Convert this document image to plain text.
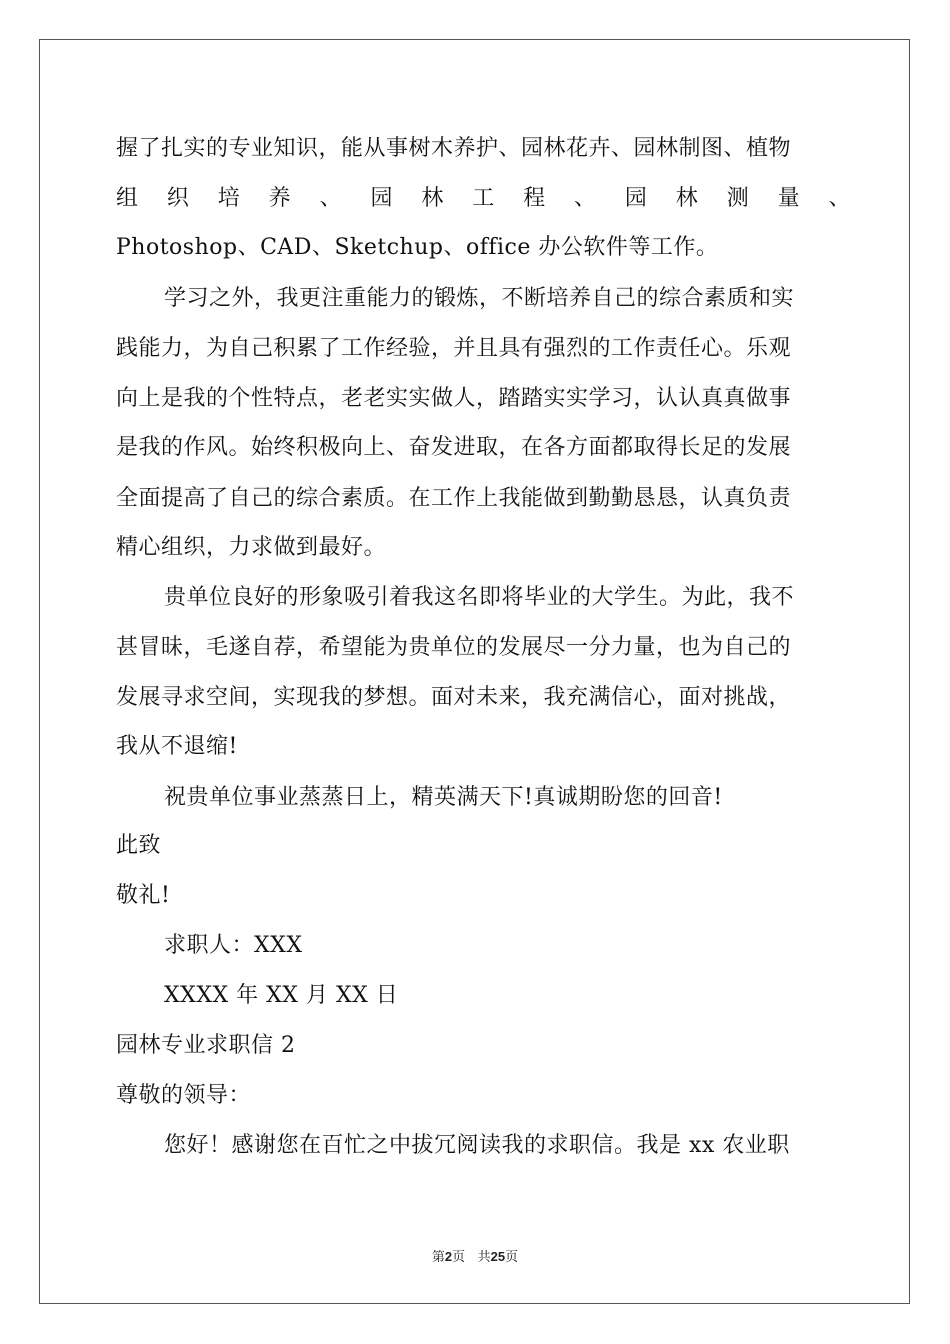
握了扎实的专业知识，能从事树木养护、园林花卉、园林制图、植物
组 织 培 养 、 园 林 工 程 、 园 林 测 量 、
Photoshop、CAD、Sketchup、office 办公软件等工作。
学习之外，我更注重能力的锻炼，不断培养自己的综合素质和实
践能力，为自己积累了工作经验，并且具有强烈的工作责任心。乐观
向上是我的个性特点，老老实实做人，踏踏实实学习，认认真真做事
是我的作风。始终积极向上、奋发进取，在各方面都取得长足的发展
全面提高了自己的综合素质。在工作上我能做到勤勤恳恳，认真负责
精心组织，力求做到最好。
贵单位良好的形象吸引着我这名即将毕业的大学生。为此，我不
甚冒昧，毛遂自荐，希望能为贵单位的发展尽一分力量，也为自己的
发展寻求空间，实现我的梦想。面对未来，我充满信心，面对挑战，
我从不退缩!
祝贵单位事业蒸蒸日上，精英满天下!真诚期盼您的回音!
此致
敬礼!
求职人：XXX
XXXX 年 XX 月 XX 日
园林专业求职信 2
尊敬的领导：
您好！感谢您在百忙之中拔冗阅读我的求职信。我是 xx 农业职
第2页 共25页
